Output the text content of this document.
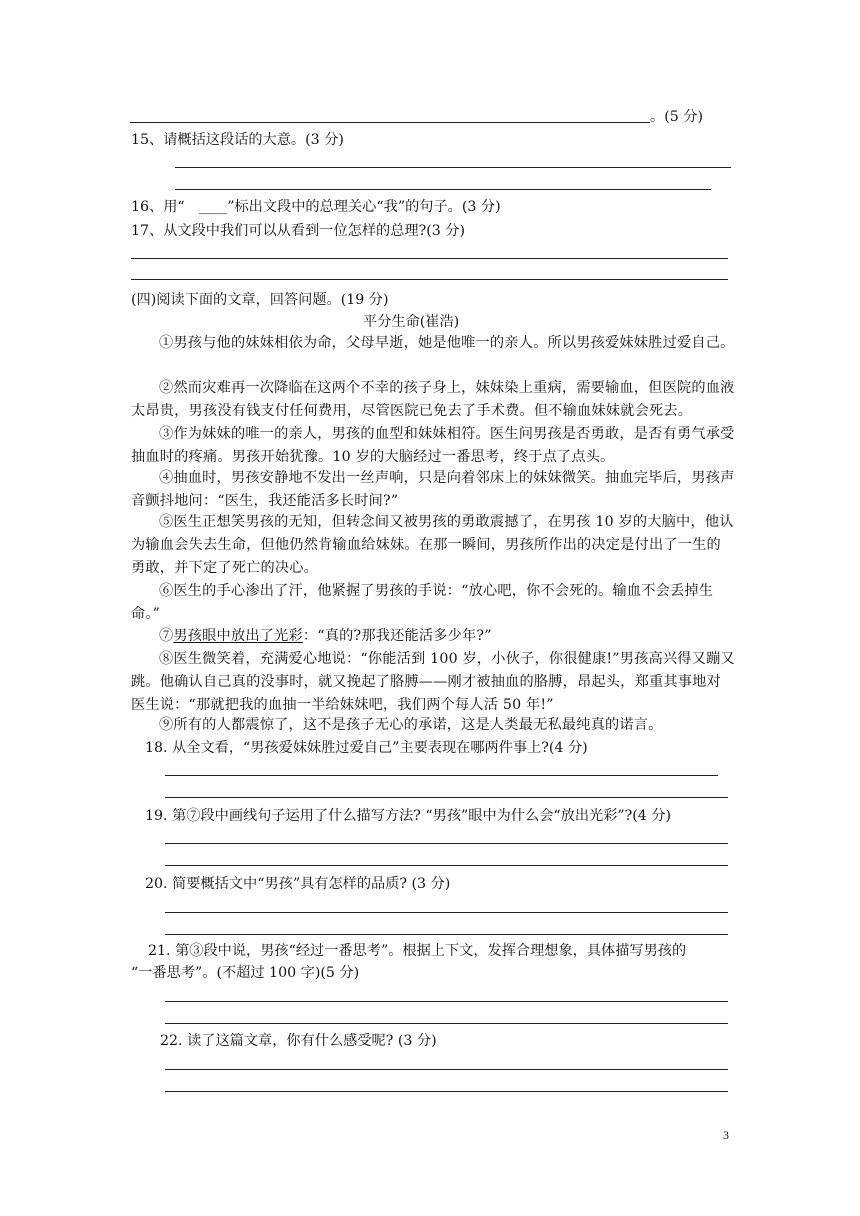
。(5 分)
15、请概括这段话的大意。(3 分)
16、用“　____”标出文段中的总理关心“我”的句子。(3 分)
17、从文段中我们可以从看到一位怎样的总理?(3 分)
(四)阅读下面的文章，回答问题。(19 分)
平分生命(崔浩)
①男孩与他的妹妹相依为命，父母早逝，她是他唯一的亲人。所以男孩爱妹妹胜过爱自己。
②然而灾难再一次降临在这两个不幸的孩子身上，妹妹染上重病，需要输血，但医院的血液太昂贵，男孩没有钱支付任何费用，尽管医院已免去了手术费。但不输血妹妹就会死去。
③作为妹妹的唯一的亲人，男孩的血型和妹妹相符。医生问男孩是否勇敢，是否有勇气承受抽血时的疼痛。男孩开始犹豫。10 岁的大脑经过一番思考，终于点了点头。
④抽血时，男孩安静地不发出一丝声响，只是向着邻床上的妹妹微笑。抽血完毕后，男孩声音颤抖地问：“医生，我还能活多长时间?”
⑤医生正想笑男孩的无知，但转念间又被男孩的勇敢震撼了，在男孩 10 岁的大脑中，他认为输血会失去生命，但他仍然肯输血给妹妹。在那一瞬间，男孩所作出的决定是付出了一生的勇敢，并下定了死亡的决心。
⑥医生的手心渗出了汗，他紧握了男孩的手说：“放心吧，你不会死的。输血不会丢掉生命。”
⑦男孩眼中放出了光彩：“真的?那我还能活多少年?”
⑧医生微笑着，充满爱心地说：“你能活到 100 岁，小伙子，你很健康!”男孩高兴得又蹦又跳。他确认自己真的没事时，就又挽起了胳膊——刚才被抽血的胳膊，昂起头，郑重其事地对医生说：“那就把我的血抽一半给妹妹吧，我们两个每人活 50 年!”
⑨所有的人都震惊了，这不是孩子无心的承诺，这是人类最无私最纯真的诺言。
18. 从全文看，“男孩爱妹妹胜过爱自己”主要表现在哪两件事上?(4 分)
19. 第⑦段中画线句子运用了什么描写方法? “男孩”眼中为什么会“放出光彩”?(4 分)
20. 简要概括文中“男孩”具有怎样的品质? (3 分)
21. 第③段中说，男孩“经过一番思考”。根据上下文，发挥合理想象，具体描写男孩的
“一番思考”。(不超过 100 字)(5 分)
22. 读了这篇文章，你有什么感受呢? (3 分)
3
